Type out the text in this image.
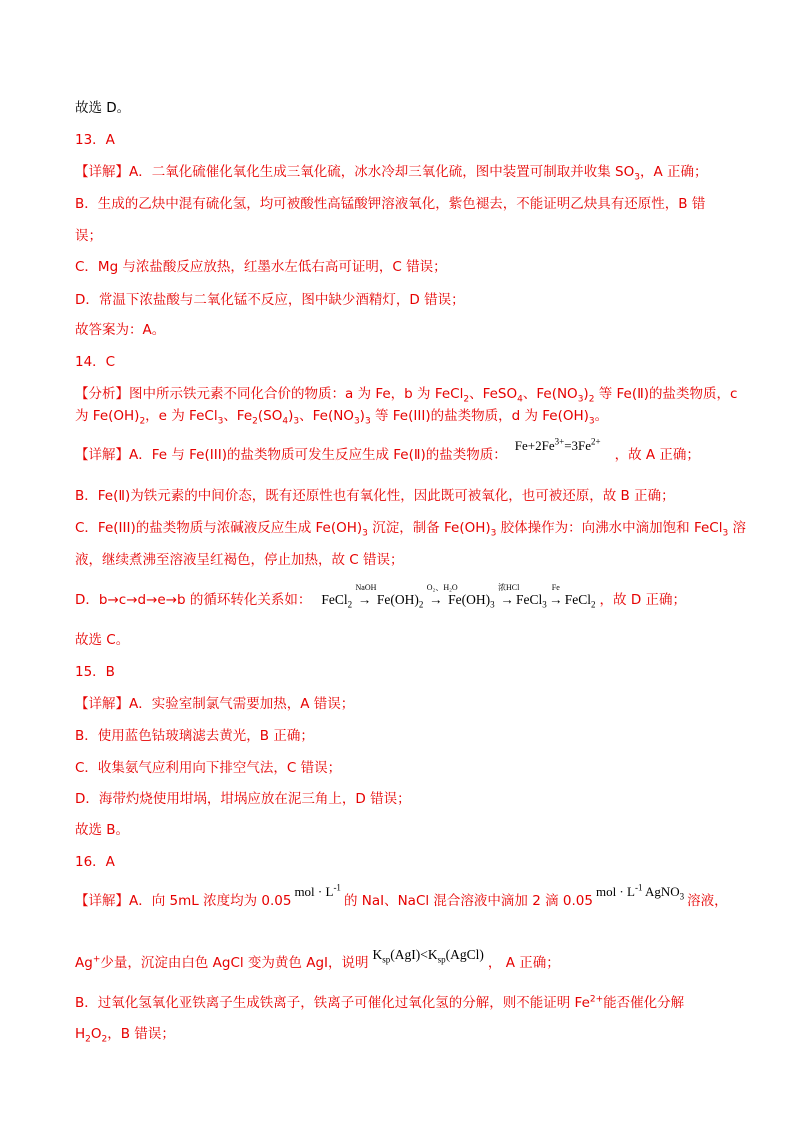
故选 D。
13．A
【详解】A．二氧化硫催化氧化生成三氧化硫，冰水冷却三氧化硫，图中装置可制取并收集 $SO_3$，A 正确；
B．生成的乙炔中混有硫化氢，均可被酸性高锰酸钾溶液氧化，紫色褪去，不能证明乙炔具有还原性，B 错
误；
C．Mg 与浓盐酸反应放热，红墨水左低右高可证明，C 错误；
D．常温下浓盐酸与二氧化锰不反应，图中缺少酒精灯，D 错误；
故答案为：A。
14．C
【分析】图中所示铁元素不同化合价的物质：a 为 Fe，b 为 FeCl$_2$、FeSO$_4$、$Fe(NO_3)_2$ 等 Fe(Ⅱ)的盐类物质，c
为 $Fe(OH)_2$，e 为 FeCl$_3$、$Fe_2(SO_4)_3$、$Fe(NO_3)_3$ 等 Fe(III)的盐类物质，d 为 $Fe(OH)_3$。
【详解】A．Fe 与 Fe(III)的盐类物质可发生反应生成 Fe(Ⅱ)的盐类物质：$Fe+2Fe^{3+}=3Fe^{2+}$，故 A 正确；
B．Fe(Ⅱ)为铁元素的中间价态，既有还原性也有氧化性，因此既可被氧化，也可被还原，故 B 正确；
C．Fe(III)的盐类物质与浓碱液反应生成 $Fe(OH)_3$ 沉淀，制备 $Fe(OH)_3$ 胶体操作为：向沸水中滴加饱和 FeCl$_3$ 溶
液，继续煮沸至溶液呈红褐色，停止加热，故 C 错误；
D．b→c→d→e→b 的循环转化关系如： FeCl$_2$
NaOH
→ $Fe(OH)_2$
O₂、H₂O
→ $Fe(OH)_3$
浓HCl
→ FeCl$_3$
Fe
→ FeCl$_2$ ，故 D 正确；
故选 C。
15．B
【详解】A．实验室制氯气需要加热，A 错误；
B．使用蓝色钴玻璃滤去黄光，B 正确；
C．收集氨气应利用向下排空气法，C 错误；
D．海带灼烧使用坩埚，坩埚应放在泥三角上，D 错误；
故选 B。
16．A
【详解】A．向 5mL 浓度均为 $0.05mol \cdot L^{-1}$的 NaI、NaCl 混合溶液中滴加 2 滴 $0.05mol \cdot L^{-1}$ AgNO$_3$ 溶液，
Ag+少量，沉淀由白色 AgCl 变为黄色 AgI，说明$K_{sp}(AgI)<K_{sp}(AgCl)$， A 正确；
B．过氧化氢氧化亚铁离子生成铁离子，铁离子可催化过氧化氢的分解，则不能证明 $Fe^{2+}$能否催化分解
$H_2O_2$，B 错误；
